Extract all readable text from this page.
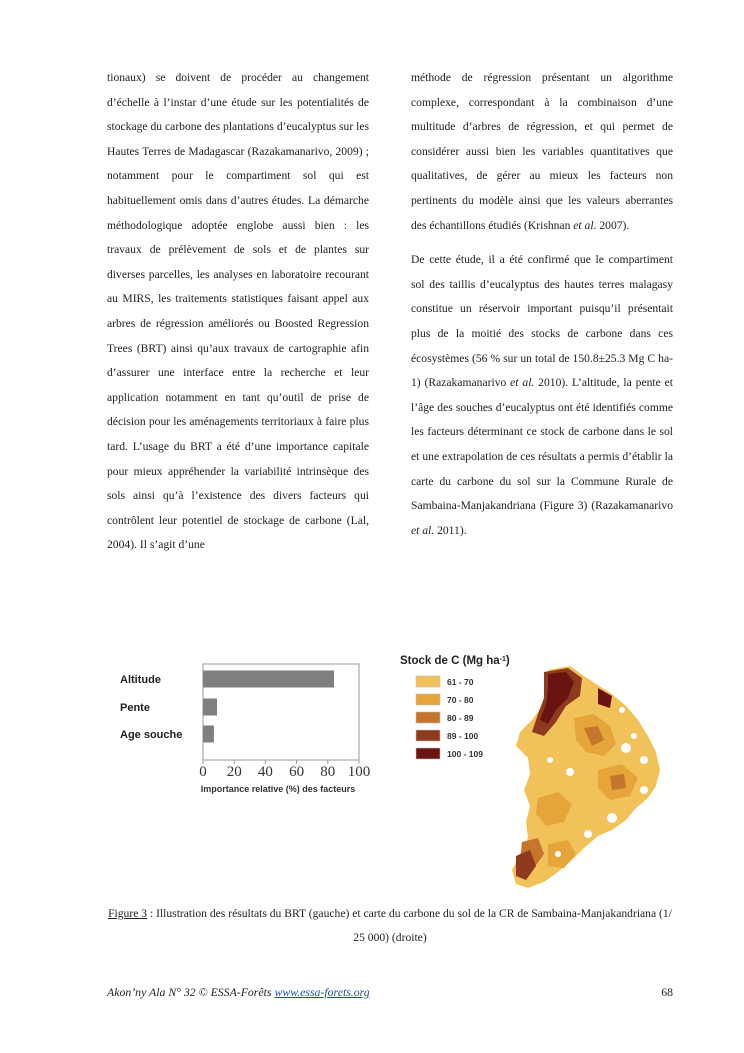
tionaux) se doivent de procéder au changement d’échelle à l’instar d’une étude sur les potentialités de stockage du carbone des plantations d’eucalyptus sur les Hautes Terres de Madagascar (Razakamanarivo, 2009) ; notamment pour le compartiment sol qui est habituellement omis dans d’autres études. La démarche méthodologique adoptée englobe aussi bien : les travaux de prélèvement de sols et de plantes sur diverses parcelles, les analyses en laboratoire recourant au MIRS, les traitements statistiques faisant appel aux arbres de régression améliorés ou Boosted Regression Trees (BRT) ainsi qu’aux travaux de cartographie afin d’assurer une interface entre la recherche et leur application notamment en tant qu’outil de prise de décision pour les aménagements territoriaux à faire plus tard. L’usage du BRT a été d’une importance capitale pour mieux appréhender la variabilité intrinsèque des sols ainsi qu’à l’existence des divers facteurs qui contrôlent leur potentiel de stockage de carbone (Lal, 2004). Il s’agit d’une

méthode de régression présentant un algorithme complexe, correspondant à la combinaison d’une multitude d’arbres de régression, et qui permet de considérer aussi bien les variables quantitatives que qualitatives, de gérer au mieux les facteurs non pertinents du modèle ainsi que les valeurs aberrantes des échantillons étudiés (Krishnan et al. 2007).

De cette étude, il a été confirmé que le compartiment sol des taillis d’eucalyptus des hautes terres malagasy constitue un réservoir important puisqu’il présentait plus de la moitié des stocks de carbone dans ces écosystèmes (56 % sur un total de 150.8±25.3 Mg C ha-1) (Razakamanarivo et al. 2010). L’altitude, la pente et l’âge des souches d’eucalyptus ont été identifiés comme les facteurs déterminant ce stock de carbone dans le sol et une extrapolation de ces résultats a permis d’établir la carte du carbone du sol sur la Commune Rurale de Sambaina-Manjakandriana (Figure 3) (Razakamanarivo et al. 2011).

Altitude
Pente
Age souche
0 20 40 60 80 100
Importance relative (%) des facteurs
Stock de C (Mg $ha^{-1}$)
61 - 70
70 - 80
80 - 89
89 - 100
100 - 109
Figure 3 : Illustration des résultats du BRT (gauche) et carte du carbone du sol de la CR de Sambaina-Manjakandriana (1/ 25 000) (droite)
Akon’ny Ala N° 32 © ESSA-Forêts www.essa-forets.org	68
